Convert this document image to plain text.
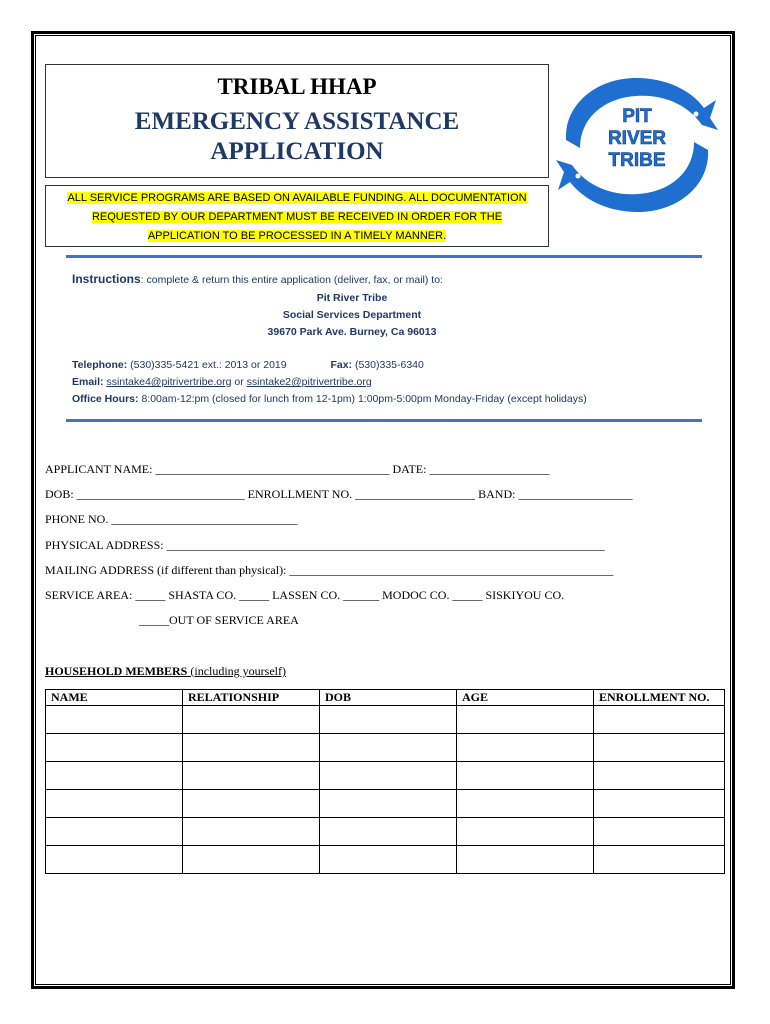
TRIBAL HHAP
EMERGENCY ASSISTANCE
APPLICATION
ALL SERVICE PROGRAMS ARE BASED ON AVAILABLE FUNDING. ALL DOCUMENTATION
REQUESTED BY OUR DEPARTMENT MUST BE RECEIVED IN ORDER FOR THE
APPLICATION TO BE PROCESSED IN A TIMELY MANNER.
PIT
RIVER
TRIBE
Instructions: complete & return this entire application (deliver, fax, or mail) to:
Pit River Tribe
Social Services Department
39670 Park Ave. Burney, Ca 96013
Telephone: (530)335-5421 ext.: 2013 or 2019	Fax: (530)335-6340
Email: ssintake4@pitrivertribe.org or ssintake2@pitrivertribe.org
Office Hours: 8:00am-12:pm (closed for lunch from 12-1pm) 1:00pm-5:00pm Monday-Friday (except holidays)
APPLICANT NAME: _______________________________________ DATE: ____________________
DOB: ____________________________ ENROLLMENT NO. ____________________ BAND: ___________________
PHONE NO. _______________________________
PHYSICAL ADDRESS: _________________________________________________________________________
MAILING ADDRESS (if different than physical): ______________________________________________________
SERVICE AREA: _____ SHASTA CO. _____ LASSEN CO. ______ MODOC CO. _____ SISKIYOU CO.
_____OUT OF SERVICE AREA
HOUSEHOLD MEMBERS (including yourself)
NAME	RELATIONSHIP	DOB	AGE	ENROLLMENT NO.
